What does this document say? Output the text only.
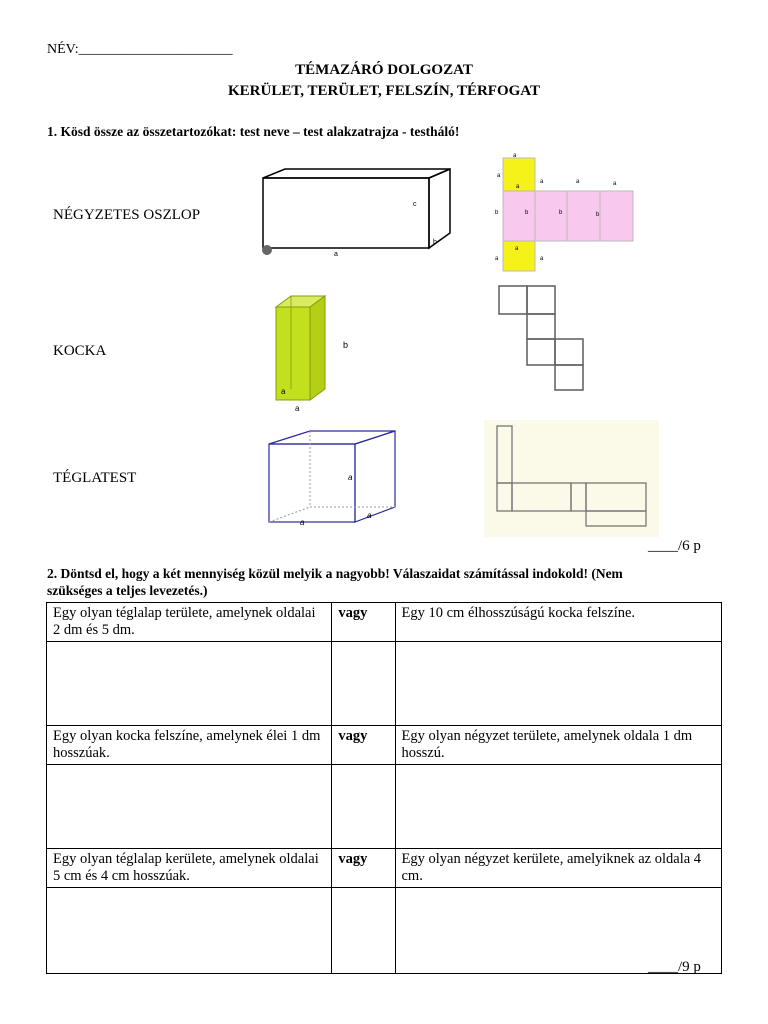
NÉV:______________________
TÉMAZÁRÓ DOLGOZAT
KERÜLET, TERÜLET, FELSZÍN, TÉRFOGAT
1. Kösd össze az összetartozókat: test neve – test alakzatrajza - testháló!
NÉGYZETES OSZLOP
KOCKA
TÉGLATEST
c
b
a
a
a
a
a	a	a
b	b	b	b
a
a	a
b
a
a
a
a
a
____/6 p
2. Döntsd el, hogy a két mennyiség közül melyik a nagyobb! Válaszaidat számítással indokold! (Nem
szükséges a teljes levezetés.)
Egy olyan téglalap területe, amelynek oldalai 2 dm és 5 dm.	vagy	Egy 10 cm élhosszúságú kocka felszíne.

Egy olyan kocka felszíne, amelynek élei 1 dm hosszúak.	vagy	Egy olyan négyzet területe, amelynek oldala 1 dm hosszú.

Egy olyan téglalap kerülete, amelynek oldalai 5 cm és 4 cm hosszúak.	vagy	Egy olyan négyzet kerülete, amelyiknek az oldala 4 cm.

____/9 p
